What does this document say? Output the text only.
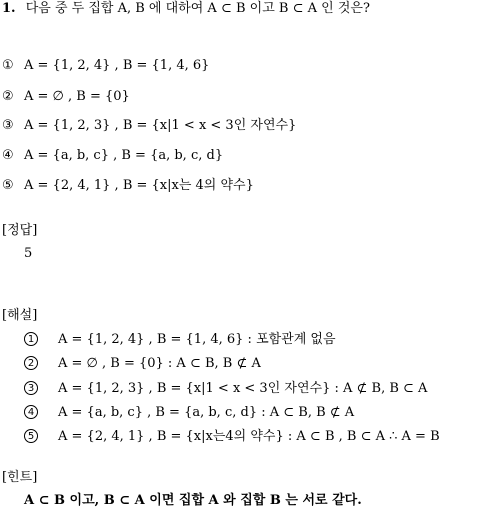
1. 다음 중 두 집합 A, B 에 대하여 A ⊂ B 이고 B ⊂ A 인 것은?
① A = {1, 2, 4} , B = {1, 4, 6}
② A = ∅ , B = {0}
③ A = {1, 2, 3} , B = {x|1 < x < 3인 자연수}
④ A = {a, b, c} , B = {a, b, c, d}
⑤ A = {2, 4, 1} , B = {x|x는 4의 약수}
[정답]
5
[해설]
1 A = {1, 2, 4} , B = {1, 4, 6} : 포함관계 없음
2 A = ∅ , B = {0} : A ⊂ B, B ⊄ A
3 A = {1, 2, 3} , B = {x|1 < x < 3인 자연수} : A ⊄ B, B ⊂ A
4 A = {a, b, c} , B = {a, b, c, d} : A ⊂ B, B ⊄ A
5 A = {2, 4, 1} , B = {x|x는4의 약수} : A ⊂ B , B ⊂ A ∴ A = B
[힌트]
A ⊂ B 이고, B ⊂ A 이면 집합 A 와 집합 B 는 서로 같다.
